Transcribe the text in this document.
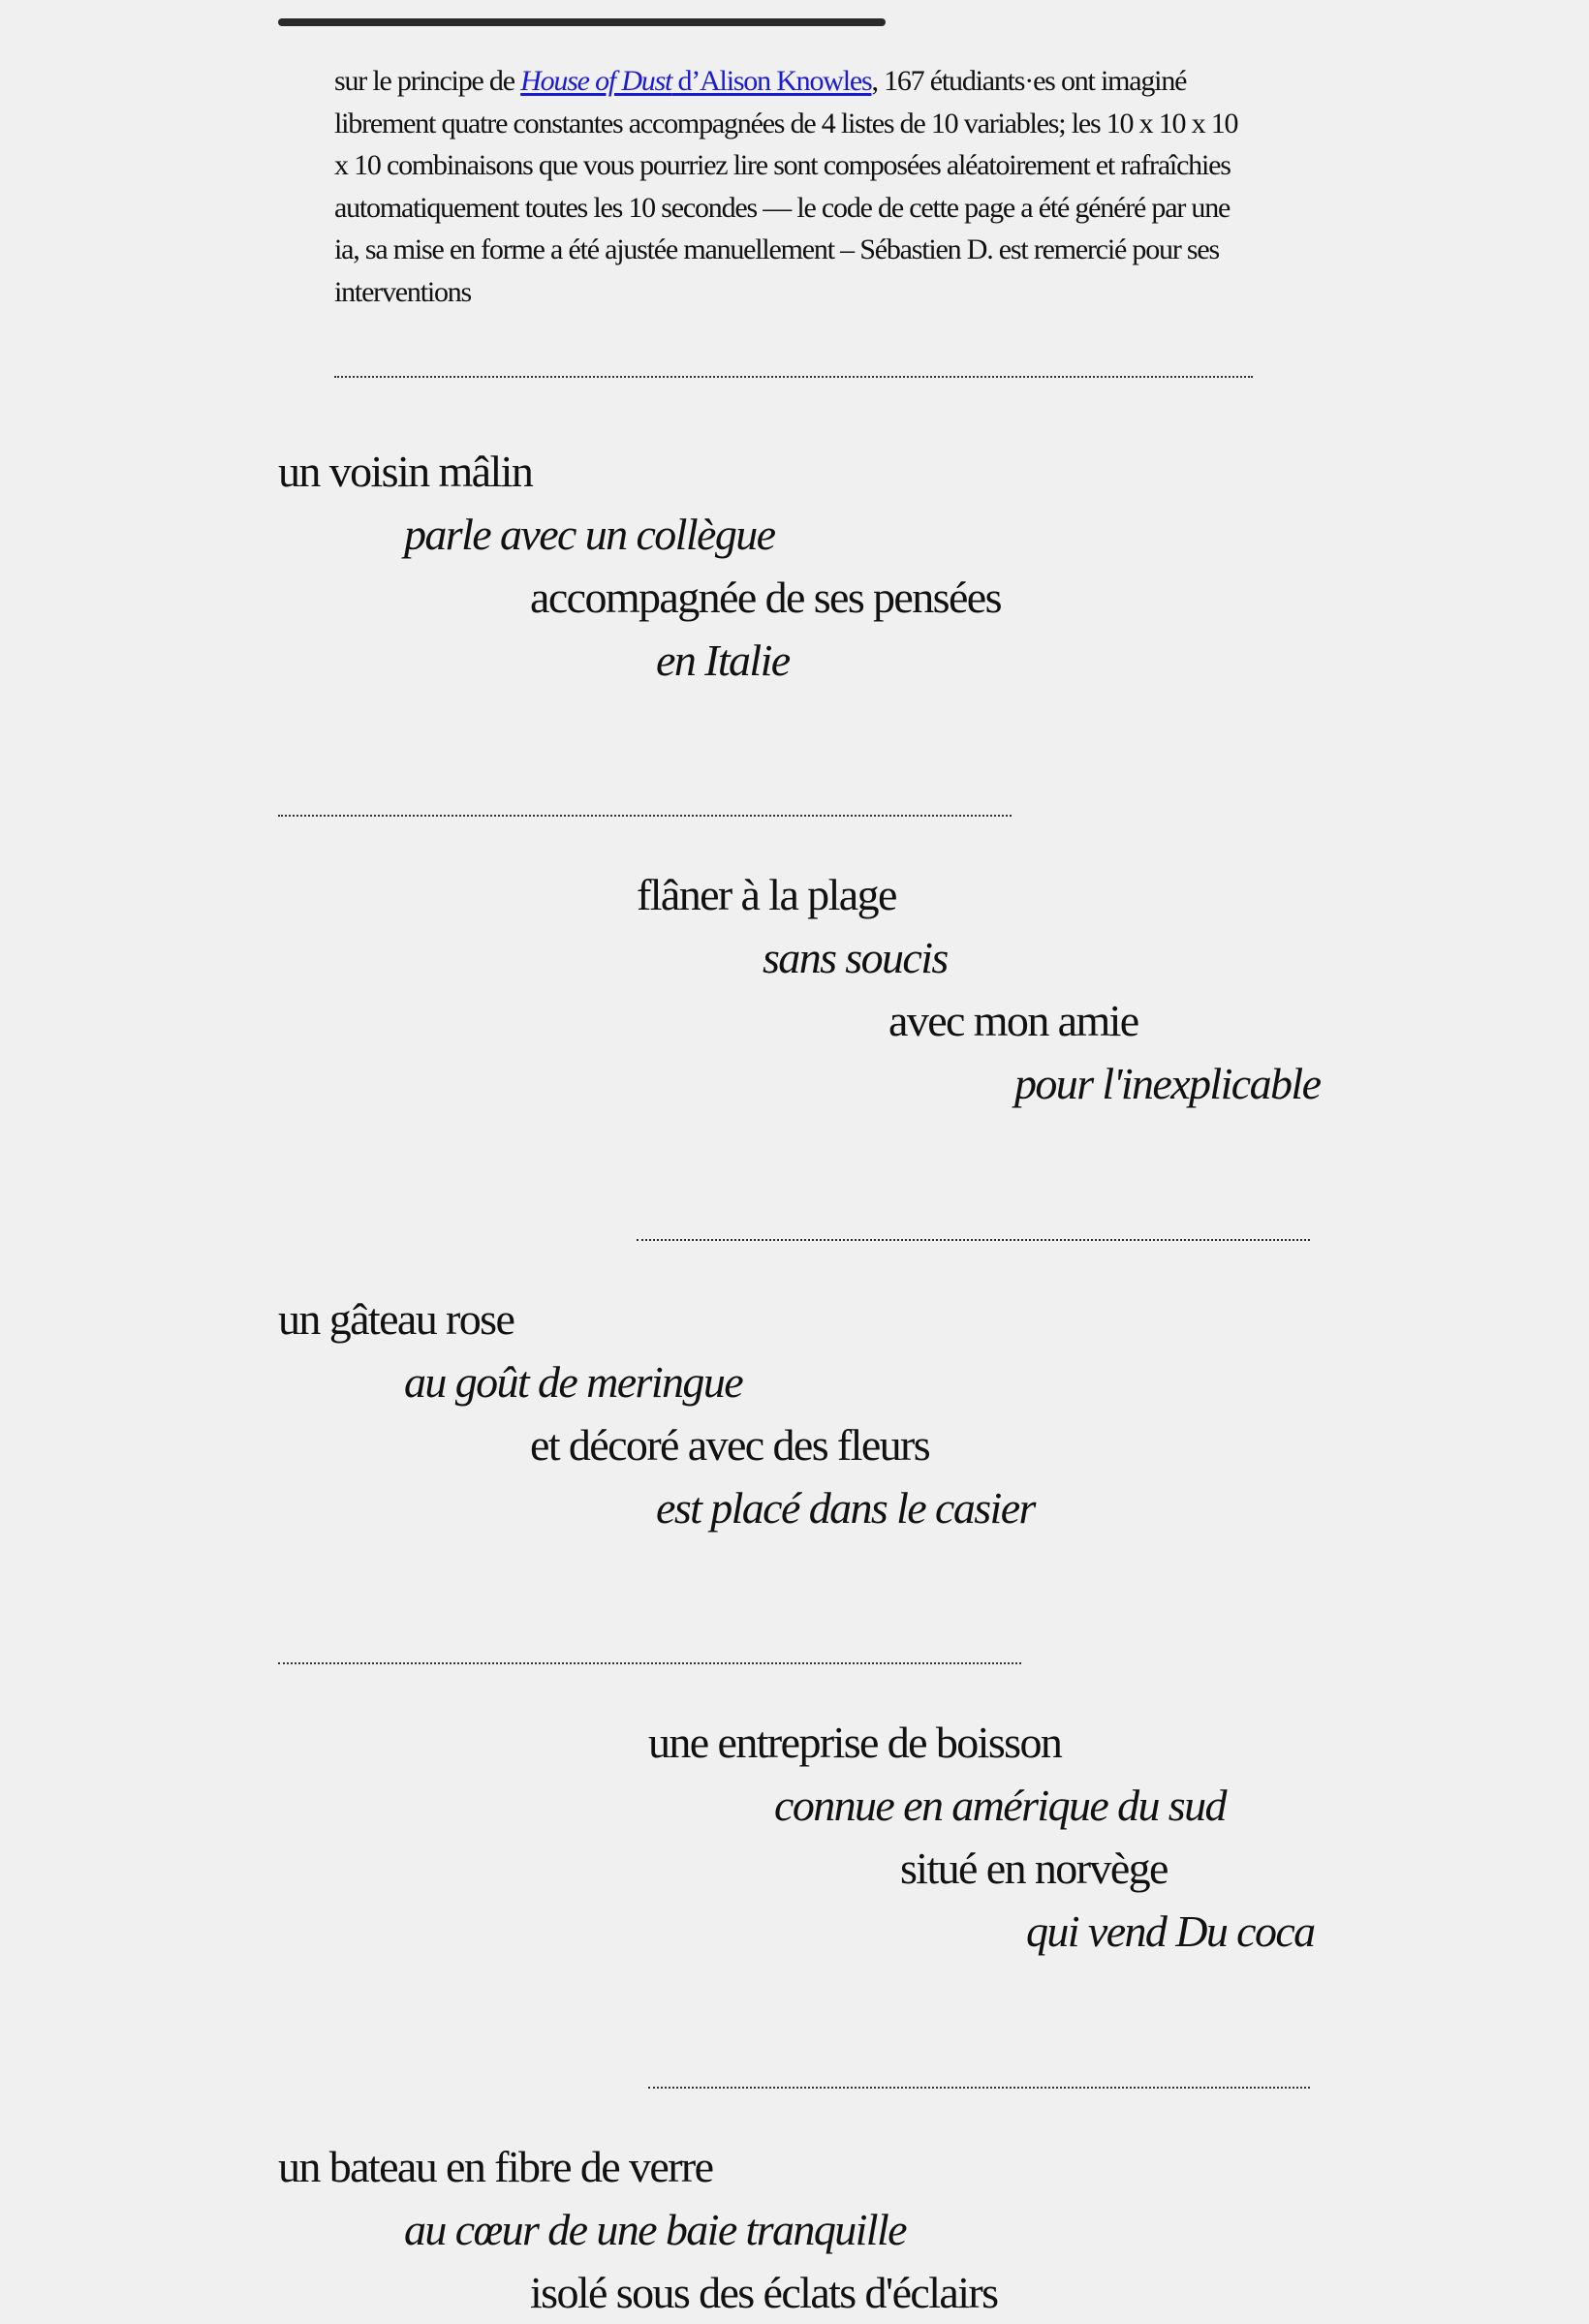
sur le principe de House of Dust d’Alison Knowles, 167 étudiants·es ont imaginé librement quatre constantes accompagnées de 4 listes de 10 variables; les 10 x 10 x 10 x 10 combinaisons que vous pourriez lire sont composées aléatoirement et rafraîchies automatiquement toutes les 10 secondes — le code de cette page a été généré par une ia, sa mise en forme a été ajustée manuellement – Sébastien D. est remercié pour ses interventions

un voisin mâlin
parle avec un collègue
accompagnée de ses pensées
en Italie
flâner à la plage
sans soucis
avec mon amie
pour l'inexplicable
un gâteau rose
au goût de meringue
et décoré avec des fleurs
est placé dans le casier
une entreprise de boisson
connue en amérique du sud
situé en norvège
qui vend Du coca
un bateau en fibre de verre
au cœur de une baie tranquille
isolé sous des éclats d'éclairs
